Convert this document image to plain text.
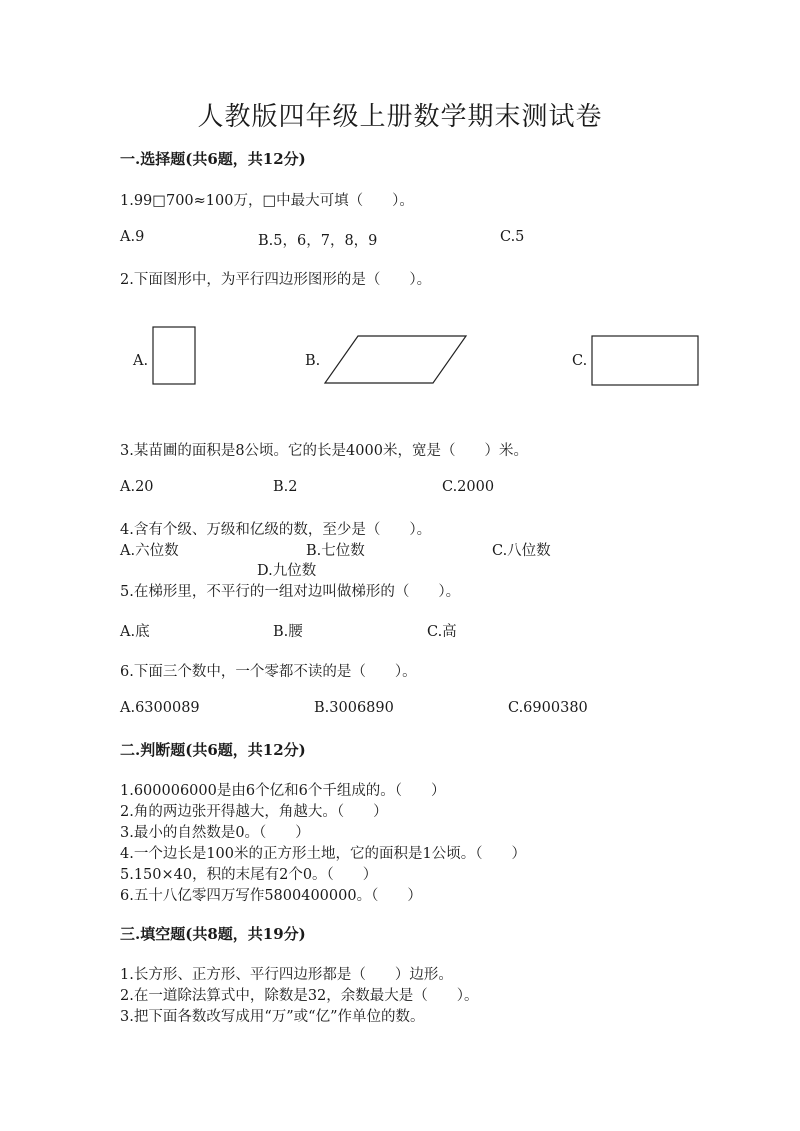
人教版四年级上册数学期末测试卷
一.选择题(共6题，共12分)
1.99□700≈100万，□中最大可填（　　）。
A.9	B.5，6，7，8，9	C.5
2.下面图形中，为平行四边形图形的是（　　）。
A.	B.	C.
3.某苗圃的面积是8公顷。它的长是4000米，宽是（　　）米。
A.20	B.2	C.2000
4.含有个级、万级和亿级的数，至少是（　　）。
A.六位数	B.七位数	C.八位数
D.九位数
5.在梯形里，不平行的一组对边叫做梯形的（　　）。
A.底	B.腰	C.高
6.下面三个数中，一个零都不读的是（　　）。
A.6300089	B.3006890	C.6900380
二.判断题(共6题，共12分)
1.600006000是由6个亿和6个千组成的。（　　）
2.角的两边张开得越大，角越大。（　　）
3.最小的自然数是0。（　　）
4.一个边长是100米的正方形土地，它的面积是1公顷。（　　）
5.150×40，积的末尾有2个0。（　　）
6.五十八亿零四万写作5800400000。（　　）
三.填空题(共8题，共19分)
1.长方形、正方形、平行四边形都是（　　）边形。
2.在一道除法算式中，除数是32，余数最大是（　　）。
3.把下面各数改写成用“万”或“亿”作单位的数。
